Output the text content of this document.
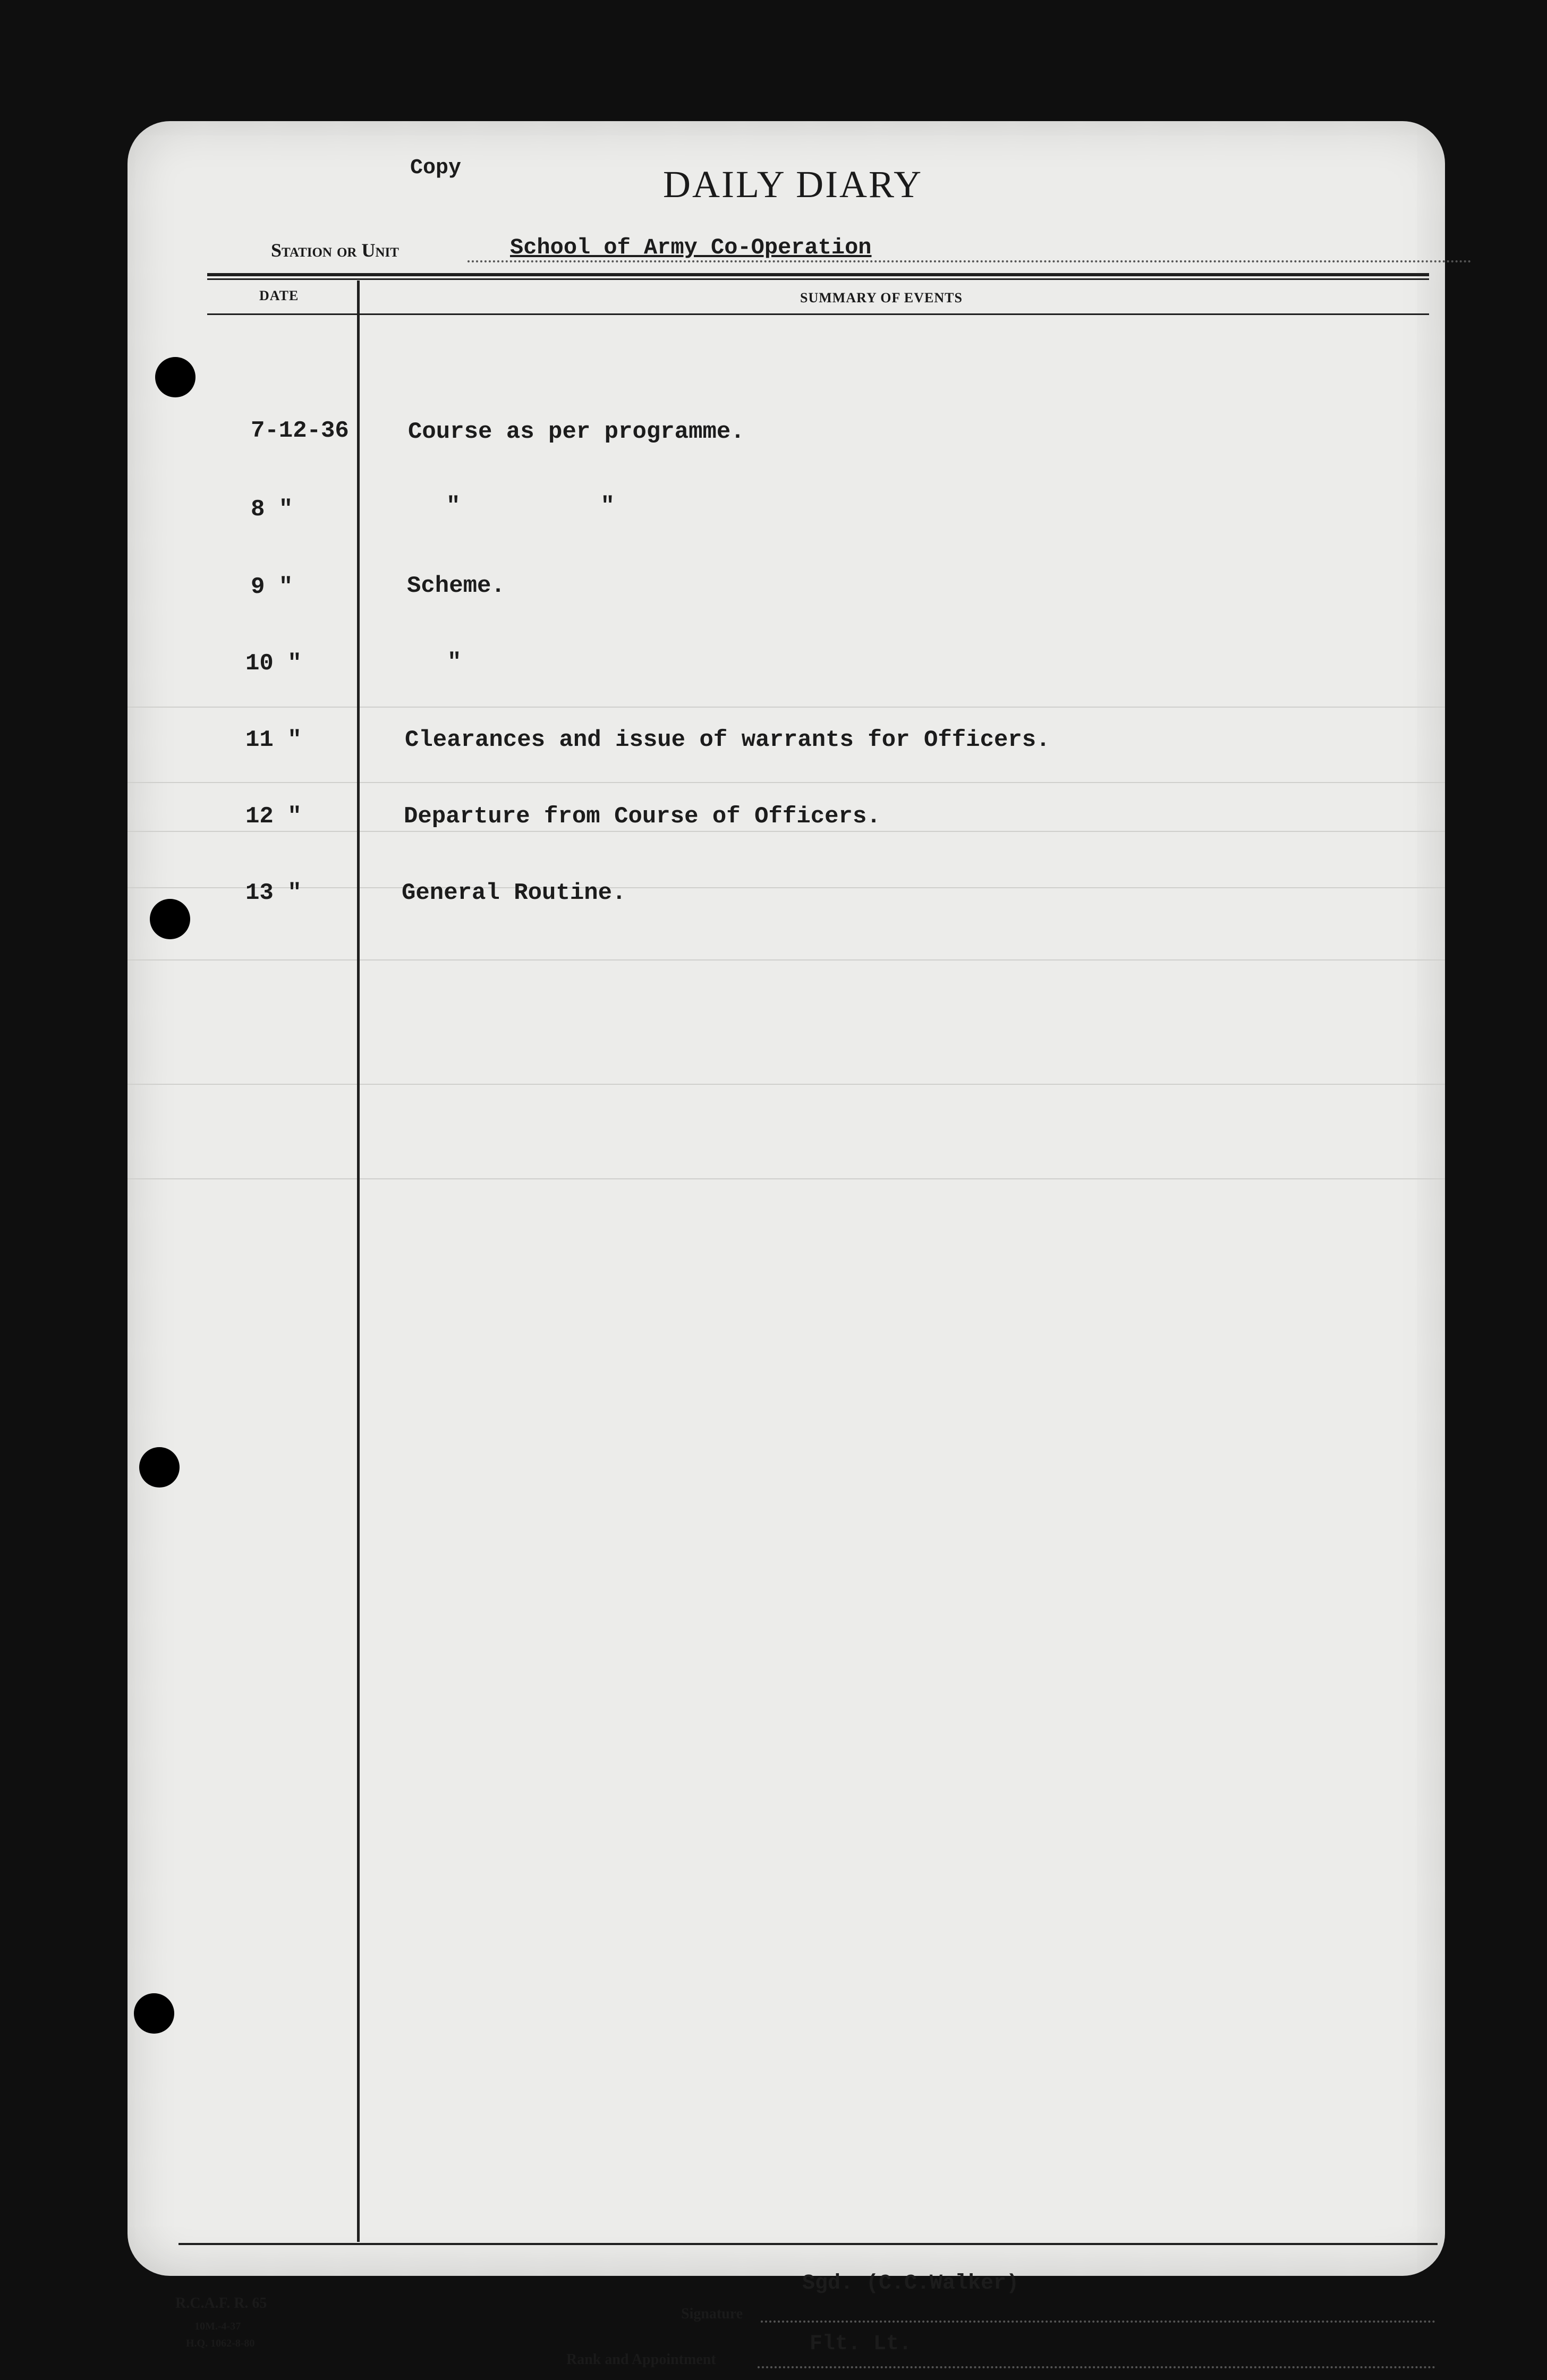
Copy	DAILY DIARY
Station or Unit	School of Army Co-Operation
DATE	SUMMARY OF EVENTS
7-12-36	Course as per programme.
8 "	"          "
9 "	Scheme.
10 "	"
11 "	Clearances and issue of warrants for Officers.
12 "	Departure from Course of Officers.
13 "	General Routine.
R.C.A.F. R. 65
10M.-4-37
H.Q. 1062-8-80
Signature
Sgd. (C.C.Walker)
Rank and Appointment
Flt. Lt.
